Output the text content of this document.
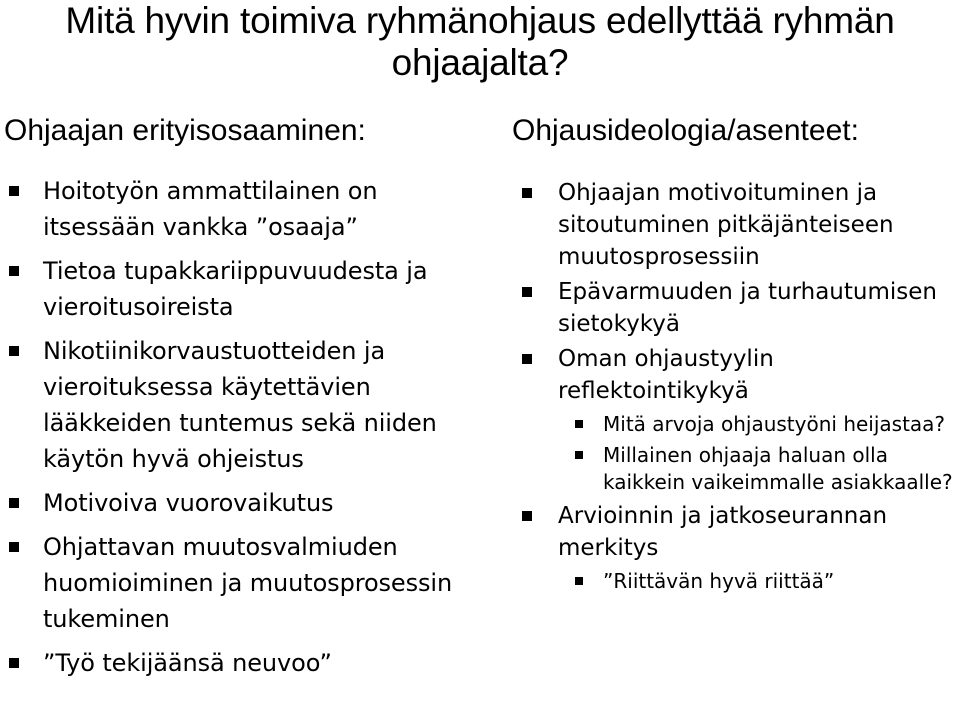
Mitä hyvin toimiva ryhmänohjaus edellyttää ryhmän ohjaajalta?

Ohjaajan erityisosaaminen:

Hoitotyön ammattilainen on itsessään vankka ”osaaja”
Tietoa tupakkariippuvuudesta ja vieroitusoireista
Nikotiinikorvaustuotteiden ja vieroituksessa käytettävien lääkkeiden tuntemus sekä niiden käytön hyvä ohjeistus
Motivoiva vuorovaikutus
Ohjattavan muutosvalmiuden huomioiminen ja muutosprosessin tukeminen
”Työ tekijäänsä neuvoo”

Ohjausideologia/asenteet:

Ohjaajan motivoituminen ja sitoutuminen pitkäjänteiseen muutosprosessiin
Epävarmuuden ja turhautumisen sietokykyä
Oman ohjaustyylin reflektointikykyä
Mitä arvoja ohjaustyöni heijastaa?
Millainen ohjaaja haluan olla kaikkein vaikeimmalle asiakkaalle?
Arvioinnin ja jatkoseurannan merkitys
”Riittävän hyvä riittää”
